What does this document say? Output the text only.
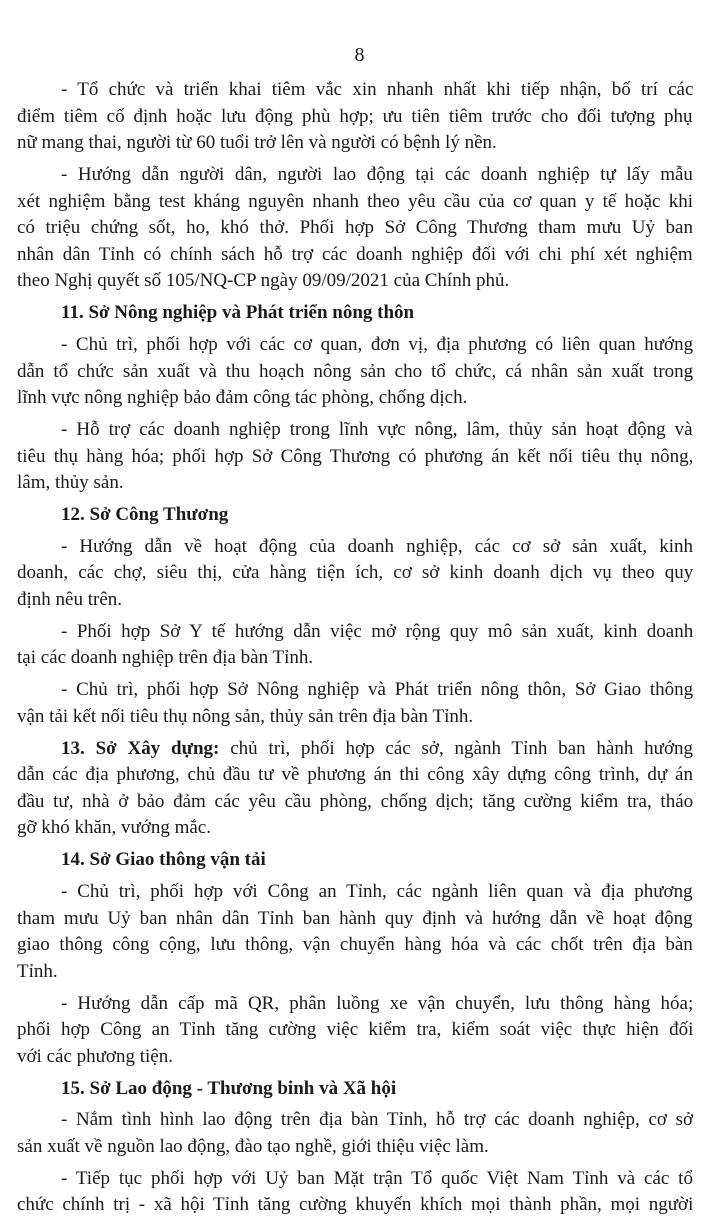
8
- Tổ chức và triển khai tiêm vắc xin nhanh nhất khi tiếp nhận, bố trí các
điểm tiêm cố định hoặc lưu động phù hợp; ưu tiên tiêm trước cho đối tượng phụ
nữ mang thai, người từ 60 tuổi trở lên và người có bệnh lý nền.
- Hướng dẫn người dân, người lao động tại các doanh nghiệp tự lấy mẫu
xét nghiệm bằng test kháng nguyên nhanh theo yêu cầu của cơ quan y tế hoặc khi
có triệu chứng sốt, ho, khó thở. Phối hợp Sở Công Thương tham mưu Uỷ ban
nhân dân Tỉnh có chính sách hỗ trợ các doanh nghiệp đối với chi phí xét nghiệm
theo Nghị quyết số 105/NQ-CP ngày 09/09/2021 của Chính phủ.
11. Sở Nông nghiệp và Phát triển nông thôn
- Chủ trì, phối hợp với các cơ quan, đơn vị, địa phương có liên quan hướng
dẫn tổ chức sản xuất và thu hoạch nông sản cho tổ chức, cá nhân sản xuất trong
lĩnh vực nông nghiệp bảo đảm công tác phòng, chống dịch.
- Hỗ trợ các doanh nghiệp trong lĩnh vực nông, lâm, thủy sản hoạt động và
tiêu thụ hàng hóa; phối hợp Sở Công Thương có phương án kết nối tiêu thụ nông,
lâm, thủy sản.
12. Sở Công Thương
- Hướng dẫn về hoạt động của doanh nghiệp, các cơ sở sản xuất, kinh
doanh, các chợ, siêu thị, cửa hàng tiện ích, cơ sở kinh doanh dịch vụ theo quy
định nêu trên.
- Phối hợp Sở Y tế hướng dẫn việc mở rộng quy mô sản xuất, kinh doanh
tại các doanh nghiệp trên địa bàn Tỉnh.
- Chủ trì, phối hợp Sở Nông nghiệp và Phát triển nông thôn, Sở Giao thông
vận tải kết nối tiêu thụ nông sản, thủy sản trên địa bàn Tỉnh.
13. Sở Xây dựng: chủ trì, phối hợp các sở, ngành Tỉnh ban hành hướng
dẫn các địa phương, chủ đầu tư về phương án thi công xây dựng công trình, dự án
đầu tư, nhà ở bảo đảm các yêu cầu phòng, chống dịch; tăng cường kiểm tra, tháo
gỡ khó khăn, vướng mắc.
14. Sở Giao thông vận tải
- Chủ trì, phối hợp với Công an Tỉnh, các ngành liên quan và địa phương
tham mưu Uỷ ban nhân dân Tỉnh ban hành quy định và hướng dẫn về hoạt động
giao thông công cộng, lưu thông, vận chuyển hàng hóa và các chốt trên địa bàn
Tỉnh.
- Hướng dẫn cấp mã QR, phân luồng xe vận chuyển, lưu thông hàng hóa;
phối hợp Công an Tỉnh tăng cường việc kiểm tra, kiểm soát việc thực hiện đối
với các phương tiện.
15. Sở Lao động - Thương binh và Xã hội
- Nắm tình hình lao động trên địa bàn Tỉnh, hỗ trợ các doanh nghiệp, cơ sở
sản xuất về nguồn lao động, đào tạo nghề, giới thiệu việc làm.
- Tiếp tục phối hợp với Uỷ ban Mặt trận Tổ quốc Việt Nam Tỉnh và các tổ
chức chính trị - xã hội Tỉnh tăng cường khuyến khích mọi thành phần, mọi người
